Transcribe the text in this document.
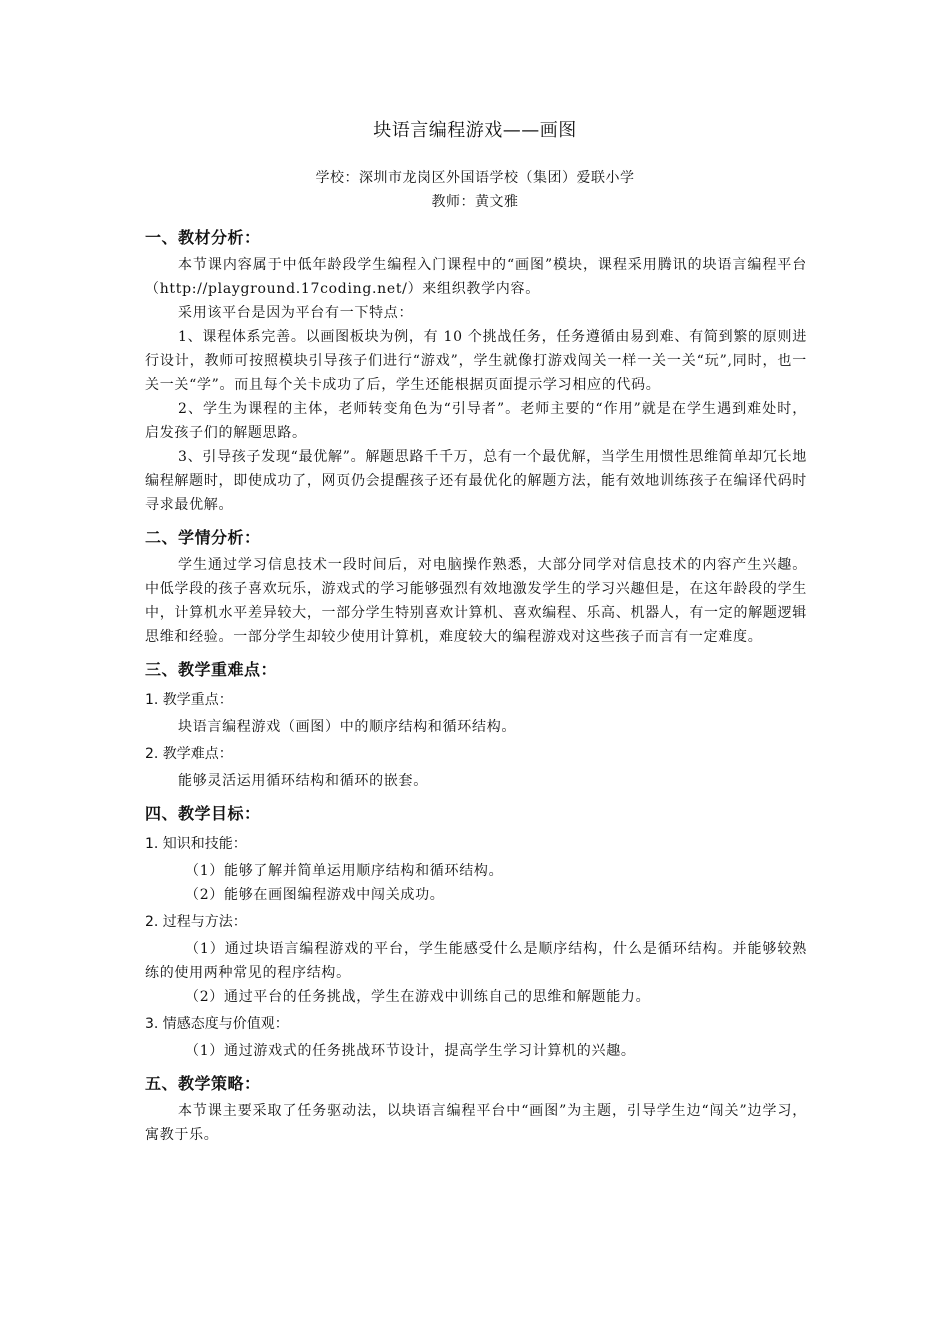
块语言编程游戏——画图
学校：深圳市龙岗区外国语学校（集团）爱联小学
教师：黄文雅
一、教材分析：

本节课内容属于中低年龄段学生编程入门课程中的“画图”模块，课程采用腾讯的块语言编程平台（http://playground.17coding.net/）来组织教学内容。

采用该平台是因为平台有一下特点：

1、课程体系完善。以画图板块为例，有 10 个挑战任务，任务遵循由易到难、有简到繁的原则进行设计，教师可按照模块引导孩子们进行“游戏”，学生就像打游戏闯关一样一关一关“玩”,同时，也一关一关“学”。而且每个关卡成功了后，学生还能根据页面提示学习相应的代码。

2、学生为课程的主体，老师转变角色为“引导者”。老师主要的“作用”就是在学生遇到难处时，启发孩子们的解题思路。

3、引导孩子发现“最优解”。解题思路千千万，总有一个最优解，当学生用惯性思维简单却冗长地编程解题时，即使成功了，网页仍会提醒孩子还有最优化的解题方法，能有效地训练孩子在编译代码时寻求最优解。

二、学情分析：

学生通过学习信息技术一段时间后，对电脑操作熟悉，大部分同学对信息技术的内容产生兴趣。中低学段的孩子喜欢玩乐，游戏式的学习能够强烈有效地激发学生的学习兴趣但是，在这年龄段的学生中，计算机水平差异较大，一部分学生特别喜欢计算机、喜欢编程、乐高、机器人，有一定的解题逻辑思维和经验。一部分学生却较少使用计算机，难度较大的编程游戏对这些孩子而言有一定难度。

三、教学重难点：
1. 教学重点：

块语言编程游戏（画图）中的顺序结构和循环结构。

2. 教学难点：

能够灵活运用循环结构和循环的嵌套。

四、教学目标：
1. 知识和技能：

（1）能够了解并简单运用顺序结构和循环结构。

（2）能够在画图编程游戏中闯关成功。

2. 过程与方法：

（1）通过块语言编程游戏的平台，学生能感受什么是顺序结构，什么是循环结构。并能够较熟练的使用两种常见的程序结构。

（2）通过平台的任务挑战，学生在游戏中训练自己的思维和解题能力。

3. 情感态度与价值观：

（1）通过游戏式的任务挑战环节设计，提高学生学习计算机的兴趣。

五、教学策略：

本节课主要采取了任务驱动法，以块语言编程平台中“画图”为主题，引导学生边“闯关”边学习，寓教于乐。
